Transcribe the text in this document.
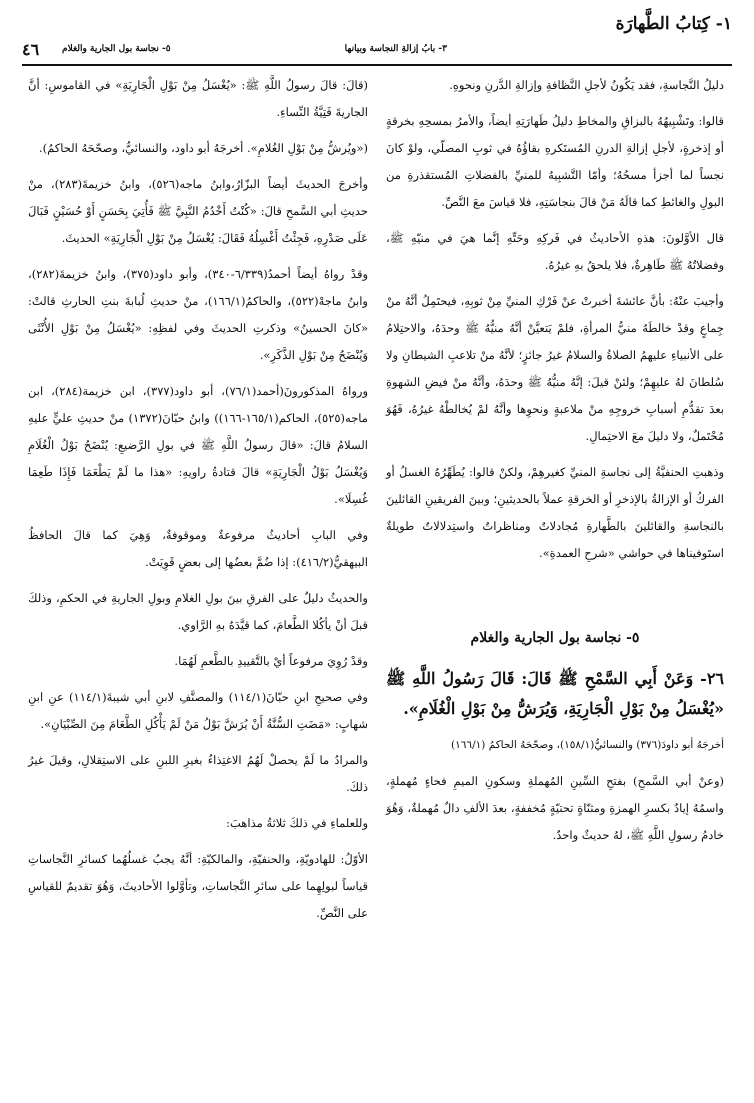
١- كِتابُ الطَّهارَة
٣- بابُ إزالةِ النجاسة وبيانها
٥- نجاسة بول الجارية والغلام
٤٦

دليلُ النَّجاسةِ، فقد يَكُونُ لأجلِ النَّظافةِ وإزالةِ الدَّرنِ ونحوهِ.

قالوا: وتَشْبِيهُهُ بالبزاقِ والمخاطِ دليلُ طَهارَتِهِ أيضاً، والأمرُ بمسحِهِ بخرقةٍ أو إذخرةٍ، لأجلِ إزالةِ الدرنِ المُستَكرهِ بقاؤُهُ في ثوبِ المصلّي، ولوْ كانَ نجساً لما أجزأ مسحُهُ؛ وأمّا التَّشبِيهُ للمنيِّ بالفضلاتِ المُستقذرةِ من البولِ والغائطِ كما قالَهُ مَنْ قالَ بنجاسَتِهِ، فلا قياسَ معَ النَّصِّ.

قال الأوَّلونَ: هذهِ الأحاديثُ في فَركِهِ وحَتِّهِ إنَّما هيَ في منيّهِ ﷺ، وفضلاتُهُ ﷺ طَاهِرةٌ، فلا يلحقُ بهِ غيرُهُ.

وأجيبَ عنْهُ: بأنَّ عائشةَ أخبرتْ عنْ فَرْكِ المنيِّ مِنْ ثوبِهِ، فيحتَمِلُ أنَّهُ منْ جِماعٍ وقدْ خالطَهُ منيُّ المرأةِ، فلمْ يَتعيَّنْ أنَّهُ منيُّهُ ﷺ وحدَهُ، والاحتِلامُ على الأنبياءِ عليهمُ الصلاةُ والسلامُ غيرُ جائزٍ؛ لأنَّهُ منْ تلاعبِ الشيطانِ ولا سُلطانَ لهُ عليهِمْ؛ ولئنْ قيلَ: إنَّهُ منيُّهُ ﷺ وحدَهُ، وأنَّهُ منْ فيضِ الشهوةِ بعدَ تقدُّمِ أسبابِ خروجِهِ منْ ملاعبةٍ ونحوِها وأنَّهُ لمْ يُخالطْهُ غيرُهُ، فَهُوَ مُحْتَملٌ، ولا دليلَ معَ الاحتِمالِ.

وذهبتِ الحنفيَّةُ إلى نجاسةِ المنيِّ كغيرهِمْ، ولكنْ قالوا: يُطَهِّرُهُ الغسلُ أو الفركُ أو الإزالةُ بالإذخرِ أو الخرقةِ عملاً بالحديثينِ؛ وبينَ الفريقينِ القائلينَ بالنجاسةِ والقائلينَ بالطَّهارةِ مُجادلاتٌ ومناظراتٌ واستِدلالاتٌ طويلةٌ استَوفيناها في حواشي «شرحِ العمدةِ».

٥- نجاسة بول الجارية والغلام
٢٦- وَعَنْ أَبِي السَّمْحِ ﷺ قَالَ: قَالَ رَسُولُ اللَّهِ ﷺ «يُغْسَلُ مِنْ بَوْلِ الْجَارِيَةِ، وَيُرَشُّ مِنْ بَوْلِ الْغُلَامِ».
أخرجَهُ أبو داودَ(٣٧٦) والنسائيُّ(١٥٨/١)، وصحّحَهُ الحاكمُ (١٦٦/١)
(وعنْ أبي السَّمحِ) بفتحِ السِّينِ المُهملةِ وسكونِ الميمِ فحاءٍ مُهملةٍ، واسمُهُ إيادٌ بكسرِ الهمزةِ ومثنّاةٍ تحتيّةٍ مُخففةٍ، بعدَ الألفِ دالٌ مُهملةٌ، وَهُوَ خادمُ رسولِ اللَّهِ ﷺ، لهُ حديثٌ واحدٌ.

(قالَ: قالَ رسولُ اللَّهِ ﷺ: «يُغْسَلُ مِنْ بَوْلِ الْجَارِيَةِ» في القاموسِ: أنَّ الجاريةَ فَتِيَّةُ النِّساءِ.

(«ويُرشُّ مِنْ بَوْلِ الغُلامِ». أخرجَهُ أبو داود، والنسائيُّ، وصحّحَهُ الحاكمُ).

وأخرجَ الحديثَ أيضاً البزّارُ،وابنُ ماجه(٥٢٦)، وابنُ خزيمةَ(٢٨٣)، منْ حديثِ أبي السَّمحِ قالَ: «كُنْتُ أَخْدُمُ النَّبِيَّ ﷺ فَأُتِيَ بِحَسَنٍ أَوْ حُسَيْنٍ فَبَالَ عَلَى صَدْرِهِ، فَجِئْتُ أَغْسِلُهُ فَقَالَ: يُغْسَلُ مِنْ بَوْلِ الْجَارِيَةِ» الحديثَ.

وقدْ رواهُ أيضاً أحمدُ(٦/٣٣٩-٣٤٠)، وأبو داود(٣٧٥)، وابنُ خزيمةَ(٢٨٢)، وابنُ ماجهْ(٥٢٢)، والحاكمُ(١٦٦/١)، منْ حديثِ لُبابةَ بنتِ الحارثِ قالتْ: «كانَ الحسينُ» وذكرتِ الحديثَ وفي لفظِهِ: «يُغْسَلُ مِنْ بَوْلِ الأُنْثَى وَيُنْضَحُ مِنْ بَوْلِ الذَّكَرِ».

ورواهُ المذكورونَ(أحمد(٧٦/١)، أبو داود(٣٧٧)، ابن خزيمة(٢٨٤)، ابن ماجه(٥٢٥)، الحاكم(١٦٥/١-١٦٦)) وابنُ حبّانَ(١٣٧٢) منْ حديثِ عليٍّ عليهِ السلامُ قالَ: «قالَ رسولُ اللَّهِ ﷺ في بولِ الرَّضيعِ: يُنْضَحُ بَوْلُ الْغُلَامِ وَيُغْسَلُ بَوْلُ الْجَارِيَةِ» قالَ قتادةُ راويهِ: «هذا ما لَمْ يَطْعَمَا فَإِذَا طَعِمَا غُسِلَا».

وفي البابِ أحاديثُ مرفوعةٌ وموقوفةٌ، وَهِيَ كما قالَ الحافظُ البيهقيُّ(٤١٦/٢): إذا ضُمَّ بعضُها إلى بعضٍ قَوِيَتْ.

والحديثُ دليلٌ على الفرقِ بينَ بولِ الغلامِ وبولِ الجاريةِ في الحكمِ، وذلكَ قبلَ أنْ يأكُلا الطَّعامَ، كما قيَّدَهُ بهِ الرَّاوي.

وقدْ رُوِيَ مرفوعاً أيْ بالتَّقييدِ بالطَّعمِ لَهُمَا.

وفي صحيحِ ابنِ حبّانَ(١١٤/١) والمصنَّفِ لابنِ أبي شيبةَ(١١٤/١) عنِ ابنِ شهابٍ: «مَضَتِ السُّنَّةُ أَنْ يُرَشَّ بَوْلُ مَنْ لَمْ يَأْكُلِ الطَّعَامَ مِنَ الصِّبْيَانِ».

والمرادُ ما لَمْ يحصلْ لَهُمُ الاغتِذاءُ بغيرِ اللبنِ على الاستِقلالِ، وقيلَ غيرُ ذلكَ.

وللعلماءِ في ذلكَ ثلاثةُ مذاهبَ:

الأوّلُ: للهادويّةِ، والحنفيّةِ، والمالكيّةِ: أنَّهُ يجبُ غسلُهُما كسائرِ النَّجاساتِ قياساً لبولِهِما على سائرِ النَّجاساتِ، وتأوَّلوا الأحاديثَ، وَهُوَ تقديمٌ للقياسِ على النَّصِّ.
